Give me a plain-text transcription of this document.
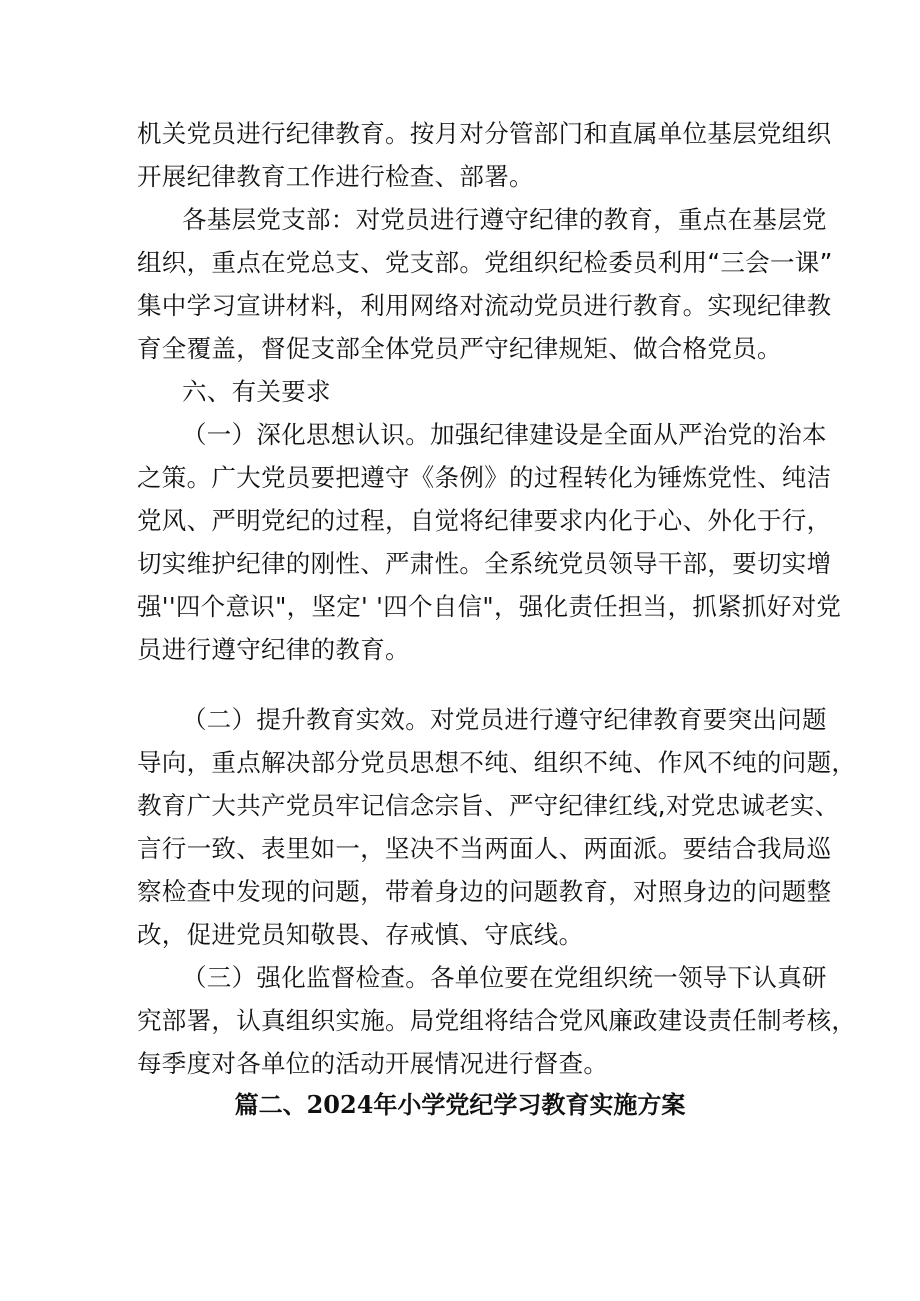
机关党员进行纪律教育。按月对分管部门和直属单位基层党组织
开展纪律教育工作进行检查、部署。
各基层党支部：对党员进行遵守纪律的教育，重点在基层党
组织，重点在党总支、党支部。党组织纪检委员利用“三会一课”
集中学习宣讲材料，利用网络对流动党员进行教育。实现纪律教
育全覆盖，督促支部全体党员严守纪律规矩、做合格党员。
六、有关要求
（一）深化思想认识。加强纪律建设是全面从严治党的治本
之策。广大党员要把遵守《条例》的过程转化为锤炼党性、纯洁
党风、严明党纪的过程，自觉将纪律要求内化于心、外化于行，
切实维护纪律的刚性、严肃性。全系统党员领导干部，要切实增
强''四个意识"，坚定' '四个自信"，强化责任担当，抓紧抓好对党
员进行遵守纪律的教育。
（二）提升教育实效。对党员进行遵守纪律教育要突出问题
导向，重点解决部分党员思想不纯、组织不纯、作风不纯的问题，
教育广大共产党员牢记信念宗旨、严守纪律红线,对党忠诚老实、
言行一致、表里如一，坚决不当两面人、两面派。要结合我局巡
察检查中发现的问题，带着身边的问题教育，对照身边的问题整
改，促进党员知敬畏、存戒慎、守底线。
（三）强化监督检查。各单位要在党组织统一领导下认真研
究部署，认真组织实施。局党组将结合党风廉政建设责任制考核，
每季度对各单位的活动开展情况进行督查。
篇二、2024年小学党纪学习教育实施方案
